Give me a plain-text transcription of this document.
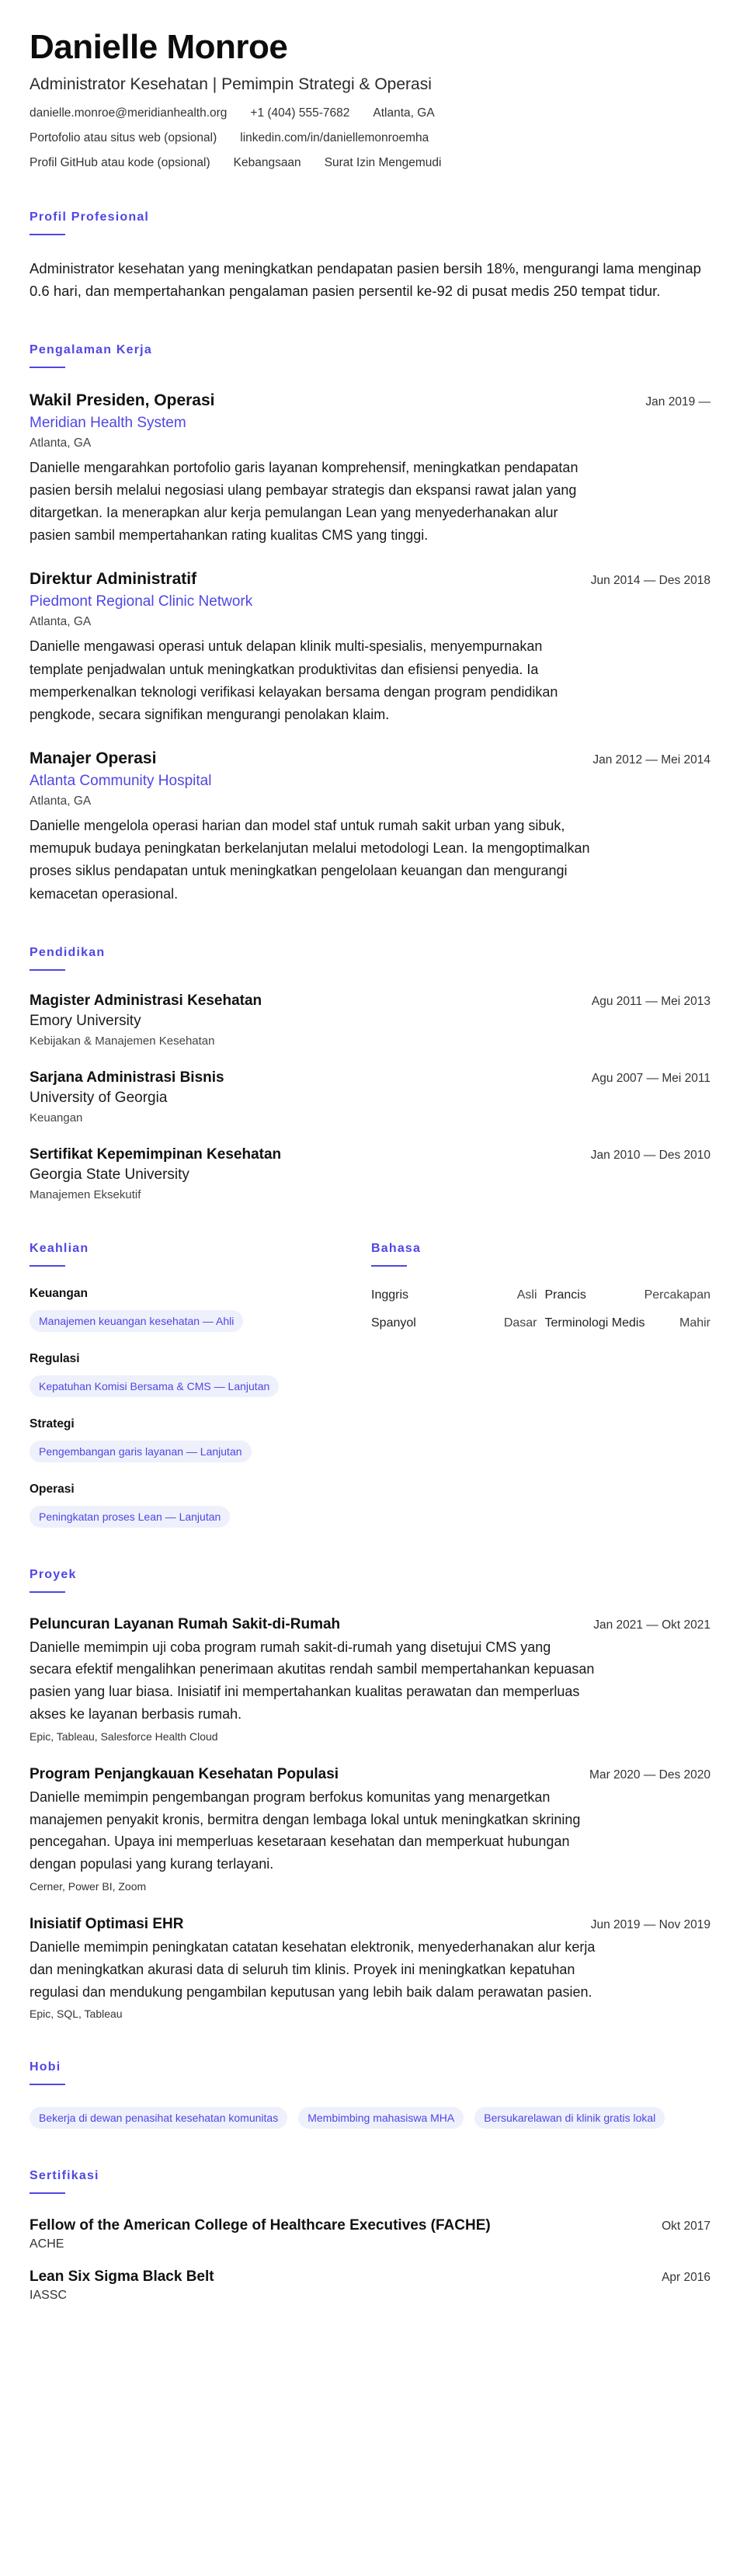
Danielle Monroe
Administrator Kesehatan | Pemimpin Strategi & Operasi
danielle.monroe@meridianhealth.org +1 (404) 555-7682 Atlanta, GA
Portofolio atau situs web (opsional) linkedin.com/in/daniellemonroemha
Profil GitHub atau kode (opsional) Kebangsaan Surat Izin Mengemudi
Profil Profesional

Administrator kesehatan yang meningkatkan pendapatan pasien bersih 18%, mengurangi lama menginap 0.6 hari, dan mempertahankan pengalaman pasien persentil ke-92 di pusat medis 250 tempat tidur.

Pengalaman Kerja
Wakil Presiden, Operasi	Jan 2019 —
Meridian Health System
Atlanta, GA

Danielle mengarahkan portofolio garis layanan komprehensif, meningkatkan pendapatan pasien bersih melalui negosiasi ulang pembayar strategis dan ekspansi rawat jalan yang ditargetkan. Ia menerapkan alur kerja pemulangan Lean yang menyederhanakan alur pasien sambil mempertahankan rating kualitas CMS yang tinggi.

Direktur Administratif	Jun 2014 — Des 2018
Piedmont Regional Clinic Network
Atlanta, GA

Danielle mengawasi operasi untuk delapan klinik multi-spesialis, menyempurnakan template penjadwalan untuk meningkatkan produktivitas dan efisiensi penyedia. Ia memperkenalkan teknologi verifikasi kelayakan bersama dengan program pendidikan pengkode, secara signifikan mengurangi penolakan klaim.

Manajer Operasi	Jan 2012 — Mei 2014
Atlanta Community Hospital
Atlanta, GA

Danielle mengelola operasi harian dan model staf untuk rumah sakit urban yang sibuk, memupuk budaya peningkatan berkelanjutan melalui metodologi Lean. Ia mengoptimalkan proses siklus pendapatan untuk meningkatkan pengelolaan keuangan dan mengurangi kemacetan operasional.

Pendidikan
Magister Administrasi Kesehatan	Agu 2011 — Mei 2013
Emory University
Kebijakan & Manajemen Kesehatan
Sarjana Administrasi Bisnis	Agu 2007 — Mei 2011
University of Georgia
Keuangan
Sertifikat Kepemimpinan Kesehatan	Jan 2010 — Des 2010
Georgia State University
Manajemen Eksekutif
Keahlian
Keuangan
Manajemen keuangan kesehatan — Ahli
Regulasi
Kepatuhan Komisi Bersama & CMS — Lanjutan
Strategi
Pengembangan garis layanan — Lanjutan
Operasi
Peningkatan proses Lean — Lanjutan
Bahasa
Inggris	Asli Prancis	Percakapan
Spanyol	Dasar Terminologi Medis	Mahir
Proyek
Peluncuran Layanan Rumah Sakit-di-Rumah	Jan 2021 — Okt 2021

Danielle memimpin uji coba program rumah sakit-di-rumah yang disetujui CMS yang secara efektif mengalihkan penerimaan akutitas rendah sambil mempertahankan kepuasan pasien yang luar biasa. Inisiatif ini mempertahankan kualitas perawatan dan memperluas akses ke layanan berbasis rumah.

Epic, Tableau, Salesforce Health Cloud
Program Penjangkauan Kesehatan Populasi	Mar 2020 — Des 2020

Danielle memimpin pengembangan program berfokus komunitas yang menargetkan manajemen penyakit kronis, bermitra dengan lembaga lokal untuk meningkatkan skrining pencegahan. Upaya ini memperluas kesetaraan kesehatan dan memperkuat hubungan dengan populasi yang kurang terlayani.

Cerner, Power BI, Zoom
Inisiatif Optimasi EHR	Jun 2019 — Nov 2019

Danielle memimpin peningkatan catatan kesehatan elektronik, menyederhanakan alur kerja dan meningkatkan akurasi data di seluruh tim klinis. Proyek ini meningkatkan kepatuhan regulasi dan mendukung pengambilan keputusan yang lebih baik dalam perawatan pasien.

Epic, SQL, Tableau
Hobi
Bekerja di dewan penasihat kesehatan komunitas	Membimbing mahasiswa MHA	Bersukarelawan di klinik gratis lokal
Sertifikasi
Fellow of the American College of Healthcare Executives (FACHE)	Okt 2017
ACHE
Lean Six Sigma Black Belt	Apr 2016
IASSC
